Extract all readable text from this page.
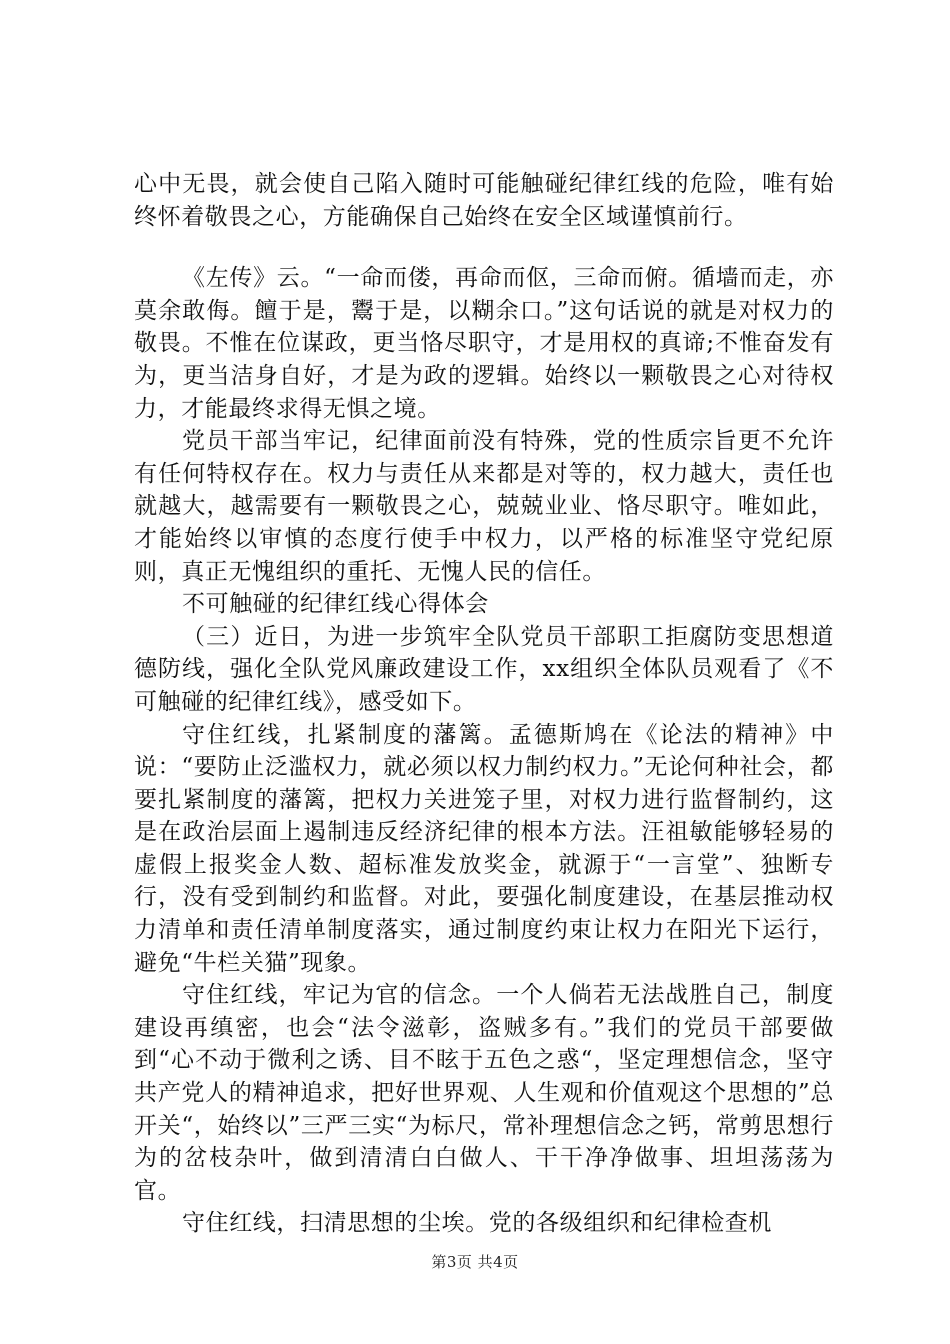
心中无畏，就会使自己陷入随时可能触碰纪律红线的危险，唯有始终怀着敬畏之心，方能确保自己始终在安全区域谨慎前行。

《左传》云。“一命而偻，再命而伛，三命而俯。循墙而走，亦莫余敢侮。饘于是，鬻于是，以糊余口。”这句话说的就是对权力的敬畏。不惟在位谋政，更当恪尽职守，才是用权的真谛;不惟奋发有为，更当洁身自好，才是为政的逻辑。始终以一颗敬畏之心对待权力，才能最终求得无惧之境。

党员干部当牢记，纪律面前没有特殊，党的性质宗旨更不允许有任何特权存在。权力与责任从来都是对等的，权力越大，责任也就越大，越需要有一颗敬畏之心，兢兢业业、恪尽职守。唯如此，才能始终以审慎的态度行使手中权力，以严格的标准坚守党纪原则，真正无愧组织的重托、无愧人民的信任。

不可触碰的纪律红线心得体会

（三）近日，为进一步筑牢全队党员干部职工拒腐防变思想道德防线，强化全队党风廉政建设工作，xx组织全体队员观看了《不可触碰的纪律红线》，感受如下。

守住红线，扎紧制度的藩篱。孟德斯鸠在《论法的精神》中说：“要防止泛滥权力，就必须以权力制约权力。”无论何种社会，都要扎紧制度的藩篱，把权力关进笼子里，对权力进行监督制约，这是在政治层面上遏制违反经济纪律的根本方法。汪祖敏能够轻易的虚假上报奖金人数、超标准发放奖金，就源于“一言堂”、独断专行，没有受到制约和监督。对此，要强化制度建设，在基层推动权力清单和责任清单制度落实，通过制度约束让权力在阳光下运行，避免“牛栏关猫”现象。

守住红线，牢记为官的信念。一个人倘若无法战胜自己，制度建设再缜密，也会“法令滋彰，盗贼多有。”我们的党员干部要做到“心不动于微利之诱、目不眩于五色之惑“，坚定理想信念，坚守共产党人的精神追求，把好世界观、人生观和价值观这个思想的”总开关“，始终以”三严三实“为标尺，常补理想信念之钙，常剪思想行为的岔枝杂叶，做到清清白白做人、干干净净做事、坦坦荡荡为官。

守住红线，扫清思想的尘埃。党的各级组织和纪律检查机

第3页 共4页
